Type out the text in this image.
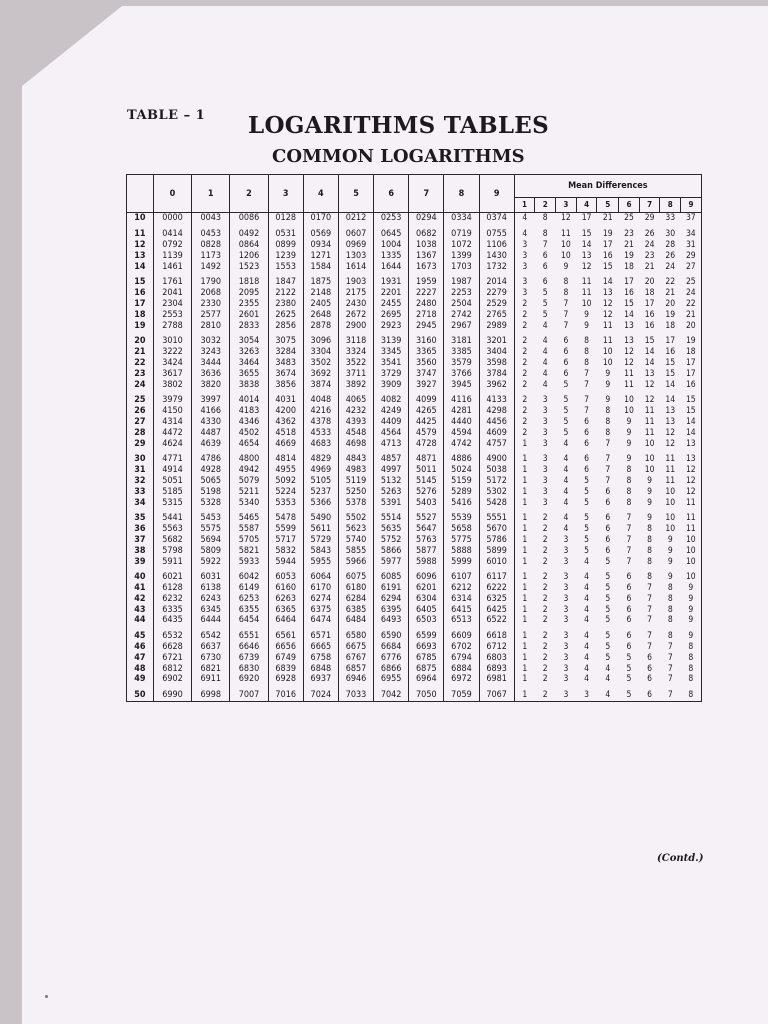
TABLE – 1 LOGARITHMS TABLES
COMMON LOGARITHMS
	0	1	2	3	4	5	6	7	8	9	Mean Differences								
											1	2	3	4	5	6	7	8	9
10	0000	0043	0086	0128	0170	0212	0253	0294	0334	0374	4	8	12	17	21	25	29	33	37
11	0414	0453	0492	0531	0569	0607	0645	0682	0719	0755	4	8	11	15	19	23	26	30	34
12	0792	0828	0864	0899	0934	0969	1004	1038	1072	1106	3	7	10	14	17	21	24	28	31
13	1139	1173	1206	1239	1271	1303	1335	1367	1399	1430	3	6	10	13	16	19	23	26	29
14	1461	1492	1523	1553	1584	1614	1644	1673	1703	1732	3	6	9	12	15	18	21	24	27
15	1761	1790	1818	1847	1875	1903	1931	1959	1987	2014	3	6	8	11	14	17	20	22	25
16	2041	2068	2095	2122	2148	2175	2201	2227	2253	2279	3	5	8	11	13	16	18	21	24
17	2304	2330	2355	2380	2405	2430	2455	2480	2504	2529	2	5	7	10	12	15	17	20	22
18	2553	2577	2601	2625	2648	2672	2695	2718	2742	2765	2	5	7	9	12	14	16	19	21
19	2788	2810	2833	2856	2878	2900	2923	2945	2967	2989	2	4	7	9	11	13	16	18	20
20	3010	3032	3054	3075	3096	3118	3139	3160	3181	3201	2	4	6	8	11	13	15	17	19
21	3222	3243	3263	3284	3304	3324	3345	3365	3385	3404	2	4	6	8	10	12	14	16	18
22	3424	3444	3464	3483	3502	3522	3541	3560	3579	3598	2	4	6	8	10	12	14	15	17
23	3617	3636	3655	3674	3692	3711	3729	3747	3766	3784	2	4	6	7	9	11	13	15	17
24	3802	3820	3838	3856	3874	3892	3909	3927	3945	3962	2	4	5	7	9	11	12	14	16
25	3979	3997	4014	4031	4048	4065	4082	4099	4116	4133	2	3	5	7	9	10	12	14	15
26	4150	4166	4183	4200	4216	4232	4249	4265	4281	4298	2	3	5	7	8	10	11	13	15
27	4314	4330	4346	4362	4378	4393	4409	4425	4440	4456	2	3	5	6	8	9	11	13	14
28	4472	4487	4502	4518	4533	4548	4564	4579	4594	4609	2	3	5	6	8	9	11	12	14
29	4624	4639	4654	4669	4683	4698	4713	4728	4742	4757	1	3	4	6	7	9	10	12	13
30	4771	4786	4800	4814	4829	4843	4857	4871	4886	4900	1	3	4	6	7	9	10	11	13
31	4914	4928	4942	4955	4969	4983	4997	5011	5024	5038	1	3	4	6	7	8	10	11	12
32	5051	5065	5079	5092	5105	5119	5132	5145	5159	5172	1	3	4	5	7	8	9	11	12
33	5185	5198	5211	5224	5237	5250	5263	5276	5289	5302	1	3	4	5	6	8	9	10	12
34	5315	5328	5340	5353	5366	5378	5391	5403	5416	5428	1	3	4	5	6	8	9	10	11
35	5441	5453	5465	5478	5490	5502	5514	5527	5539	5551	1	2	4	5	6	7	9	10	11
36	5563	5575	5587	5599	5611	5623	5635	5647	5658	5670	1	2	4	5	6	7	8	10	11
37	5682	5694	5705	5717	5729	5740	5752	5763	5775	5786	1	2	3	5	6	7	8	9	10
38	5798	5809	5821	5832	5843	5855	5866	5877	5888	5899	1	2	3	5	6	7	8	9	10
39	5911	5922	5933	5944	5955	5966	5977	5988	5999	6010	1	2	3	4	5	7	8	9	10
40	6021	6031	6042	6053	6064	6075	6085	6096	6107	6117	1	2	3	4	5	6	8	9	10
41	6128	6138	6149	6160	6170	6180	6191	6201	6212	6222	1	2	3	4	5	6	7	8	9
42	6232	6243	6253	6263	6274	6284	6294	6304	6314	6325	1	2	3	4	5	6	7	8	9
43	6335	6345	6355	6365	6375	6385	6395	6405	6415	6425	1	2	3	4	5	6	7	8	9
44	6435	6444	6454	6464	6474	6484	6493	6503	6513	6522	1	2	3	4	5	6	7	8	9
45	6532	6542	6551	6561	6571	6580	6590	6599	6609	6618	1	2	3	4	5	6	7	8	9
46	6628	6637	6646	6656	6665	6675	6684	6693	6702	6712	1	2	3	4	5	6	7	7	8
47	6721	6730	6739	6749	6758	6767	6776	6785	6794	6803	1	2	3	4	5	5	6	7	8
48	6812	6821	6830	6839	6848	6857	6866	6875	6884	6893	1	2	3	4	4	5	6	7	8
49	6902	6911	6920	6928	6937	6946	6955	6964	6972	6981	1	2	3	4	4	5	6	7	8
50	6990	6998	7007	7016	7024	7033	7042	7050	7059	7067	1	2	3	3	4	5	6	7	8
(Contd.)
